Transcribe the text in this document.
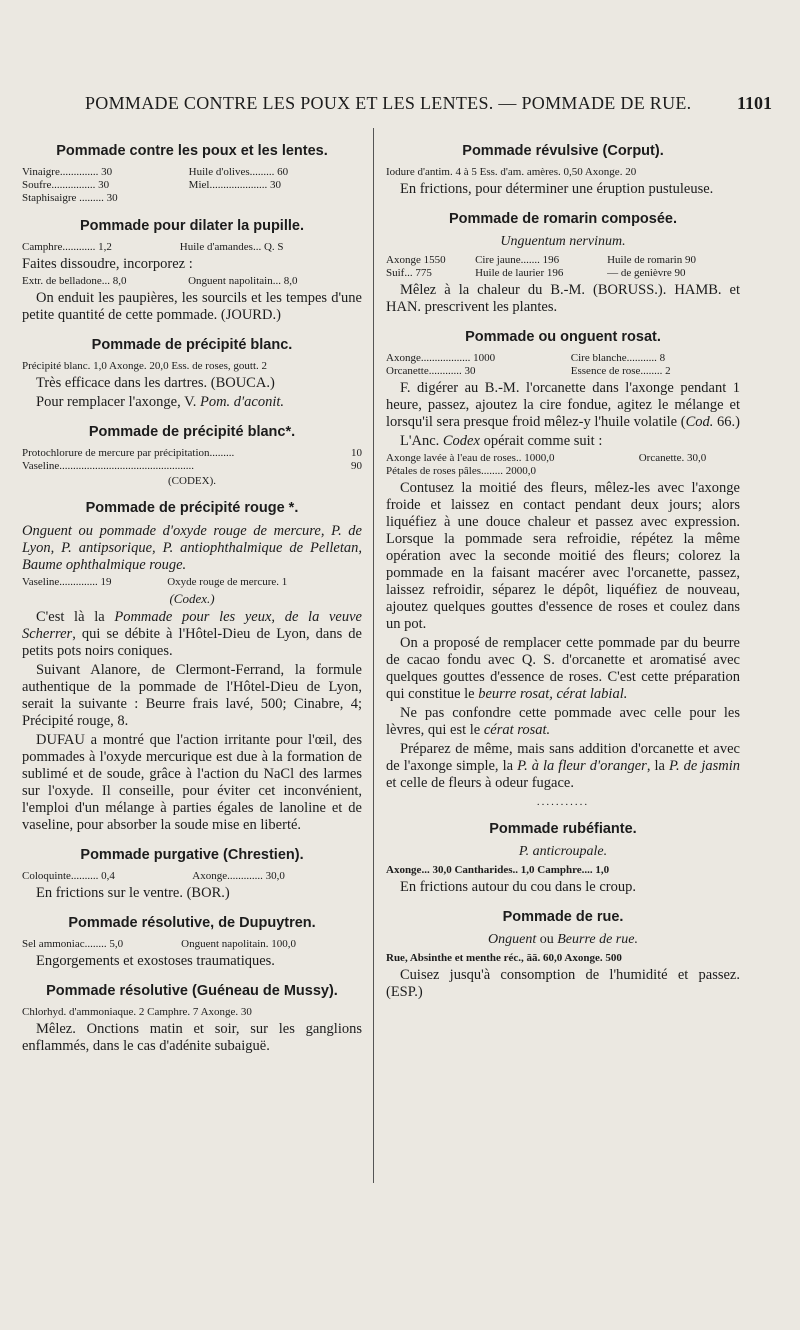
POMMADE CONTRE LES POUX ET LES LENTES. — POMMADE DE RUE.	1101
Pommade contre les poux et les lentes.
Vinaigre.............. 30	Huile d'olives......... 60
Soufre................ 30	Miel..................... 30
Staphisaigre ......... 30	
Pommade pour dilater la pupille.
Camphre............ 1,2	Huile d'amandes... Q. S

Faites dissoudre, incorporez :

Extr. de belladone... 8,0	Onguent napolitain... 8,0

On enduit les paupières, les sourcils et les tempes d'une petite quantité de cette pommade. (JOURD.)

Pommade de précipité blanc.
Précipité blanc. 1,0 Axonge. 20,0 Ess. de roses, goutt. 2

Très efficace dans les dartres. (BOUCA.)

Pour remplacer l'axonge, V. Pom. d'aconit.

Pommade de précipité blanc*.
Protochlorure de mercure par précipitation.........	10
Vaseline.................................................	90
(CODEX).
Pommade de précipité rouge *.

Onguent ou pommade d'oxyde rouge de mercure, P. de Lyon, P. antipsorique, P. antiophthalmique de Pelletan, Baume ophthalmique rouge.

Vaseline.............. 19	Oxyde rouge de mercure. 1
(Codex.)

C'est là la Pommade pour les yeux, de la veuve Scherrer, qui se débite à l'Hôtel-Dieu de Lyon, dans de petits pots noirs coniques.

Suivant Alanore, de Clermont-Ferrand, la formule authentique de la pommade de l'Hôtel-Dieu de Lyon, serait la suivante : Beurre frais lavé, 500; Cinabre, 4; Précipité rouge, 8.

DUFAU a montré que l'action irritante pour l'œil, des pommades à l'oxyde mercurique est due à la formation de sublimé et de soude, grâce à l'action du NaCl des larmes sur l'oxyde. Il conseille, pour éviter cet inconvénient, l'emploi d'un mélange à parties égales de lanoline et de vaseline, pour absorber la soude mise en liberté.

Pommade purgative (Chrestien).
Coloquinte.......... 0,4	Axonge............. 30,0

En frictions sur le ventre. (BOR.)

Pommade résolutive, de Dupuytren.
Sel ammoniac........ 5,0	Onguent napolitain. 100,0

Engorgements et exostoses traumatiques.

Pommade résolutive (Guéneau de Mussy).
Chlorhyd. d'ammoniaque. 2 Camphre. 7 Axonge. 30

Mêlez. Onctions matin et soir, sur les ganglions enflammés, dans le cas d'adénite subaiguë.

Pommade révulsive (Corput).
Iodure d'antim. 4 à 5 Ess. d'am. amères. 0,50 Axonge. 20

En frictions, pour déterminer une éruption pustuleuse.

Pommade de romarin composée.
Unguentum nervinum.
Axonge 1550	Cire jaune....... 196	Huile de romarin 90
Suif... 775	Huile de laurier 196	— de genièvre 90

Mêlez à la chaleur du B.-M. (BORUSS.). HAMB. et HAN. prescrivent les plantes.

Pommade ou onguent rosat.
Axonge.................. 1000	Cire blanche........... 8
Orcanette............ 30	Essence de rose........ 2

F. digérer au B.-M. l'orcanette dans l'axonge pendant 1 heure, passez, ajoutez la cire fondue, agitez le mélange et lorsqu'il sera presque froid mêlez-y l'huile volatile (Cod. 66.)

L'Anc. Codex opérait comme suit :

Axonge lavée à l'eau de roses.. 1000,0	Orcanette. 30,0
Pétales de roses pâles........ 2000,0	

Contusez la moitié des fleurs, mêlez-les avec l'axonge froide et laissez en contact pendant deux jours; alors liquéfiez à une douce chaleur et passez avec expression. Lorsque la pommade sera refroidie, répétez la même opération avec la seconde moitié des fleurs; colorez la pommade en la faisant macérer avec l'orcanette, passez, laissez refroidir, séparez le dépôt, liquéfiez de nouveau, ajoutez quelques gouttes d'essence de roses et coulez dans un pot.

On a proposé de remplacer cette pommade par du beurre de cacao fondu avec Q. S. d'orcanette et aromatisé avec quelques gouttes d'essence de roses. C'est cette préparation qui constitue le beurre rosat, cérat labial.

Ne pas confondre cette pommade avec celle pour les lèvres, qui est le cérat rosat.

Préparez de même, mais sans addition d'orcanette et avec de l'axonge simple, la P. à la fleur d'oranger, la P. de jasmin et celle de fleurs à odeur fugace.

...........
Pommade rubéfiante.
P. anticroupale.
Axonge... 30,0 Cantharides.. 1,0 Camphre.... 1,0

En frictions autour du cou dans le croup.

Pommade de rue.
Onguent ou Beurre de rue.
Rue, Absinthe et menthe réc., āā. 60,0 Axonge. 500

Cuisez jusqu'à consomption de l'humidité et passez. (ESP.)
